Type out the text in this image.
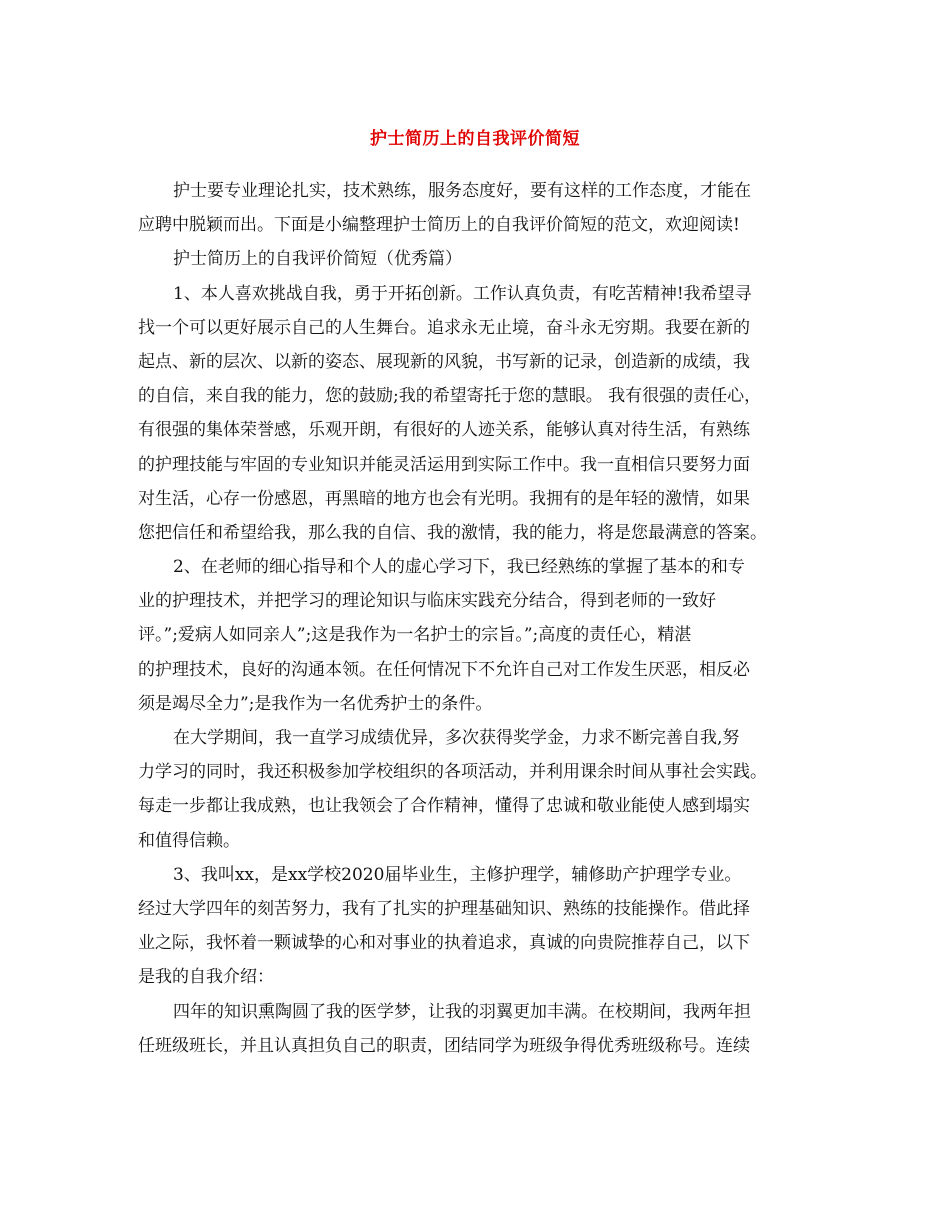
护士简历上的自我评价简短
护士要专业理论扎实，技术熟练，服务态度好，要有这样的工作态度，才能在
应聘中脱颖而出。下面是小编整理护士简历上的自我评价简短的范文，欢迎阅读!
护士简历上的自我评价简短（优秀篇）
1、本人喜欢挑战自我，勇于开拓创新。工作认真负责，有吃苦精神!我希望寻
找一个可以更好展示自己的人生舞台。追求永无止境，奋斗永无穷期。我要在新的
起点、新的层次、以新的姿态、展现新的风貌，书写新的记录，创造新的成绩，我
的自信，来自我的能力，您的鼓励;我的希望寄托于您的慧眼。 我有很强的责任心，
有很强的集体荣誉感，乐观开朗，有很好的人迹关系，能够认真对待生活，有熟练
的护理技能与牢固的专业知识并能灵活运用到实际工作中。我一直相信只要努力面
对生活，心存一份感恩，再黑暗的地方也会有光明。我拥有的是年轻的激情，如果
您把信任和希望给我，那么我的自信、我的激情，我的能力，将是您最满意的答案。
2、在老师的细心指导和个人的虚心学习下，我已经熟练的掌握了基本的和专
业的护理技术，并把学习的理论知识与临床实践充分结合，得到老师的一致好
评。”;爱病人如同亲人”;这是我作为一名护士的宗旨。”;高度的责任心，精湛
的护理技术，良好的沟通本领。在任何情况下不允许自己对工作发生厌恶，相反必
须是竭尽全力”;是我作为一名优秀护士的条件。
在大学期间，我一直学习成绩优异，多次获得奖学金，力求不断完善自我,努
力学习的同时，我还积极参加学校组织的各项活动，并利用课余时间从事社会实践。
每走一步都让我成熟，也让我领会了合作精神，懂得了忠诚和敬业能使人感到塌实
和值得信赖。
3、我叫xx，是xx学校2020届毕业生，主修护理学，辅修助产护理学专业。
经过大学四年的刻苦努力，我有了扎实的护理基础知识、熟练的技能操作。借此择
业之际，我怀着一颗诚挚的心和对事业的执着追求，真诚的向贵院推荐自己，以下
是我的自我介绍：
四年的知识熏陶圆了我的医学梦，让我的羽翼更加丰满。在校期间，我两年担
任班级班长，并且认真担负自己的职责，团结同学为班级争得优秀班级称号。连续
